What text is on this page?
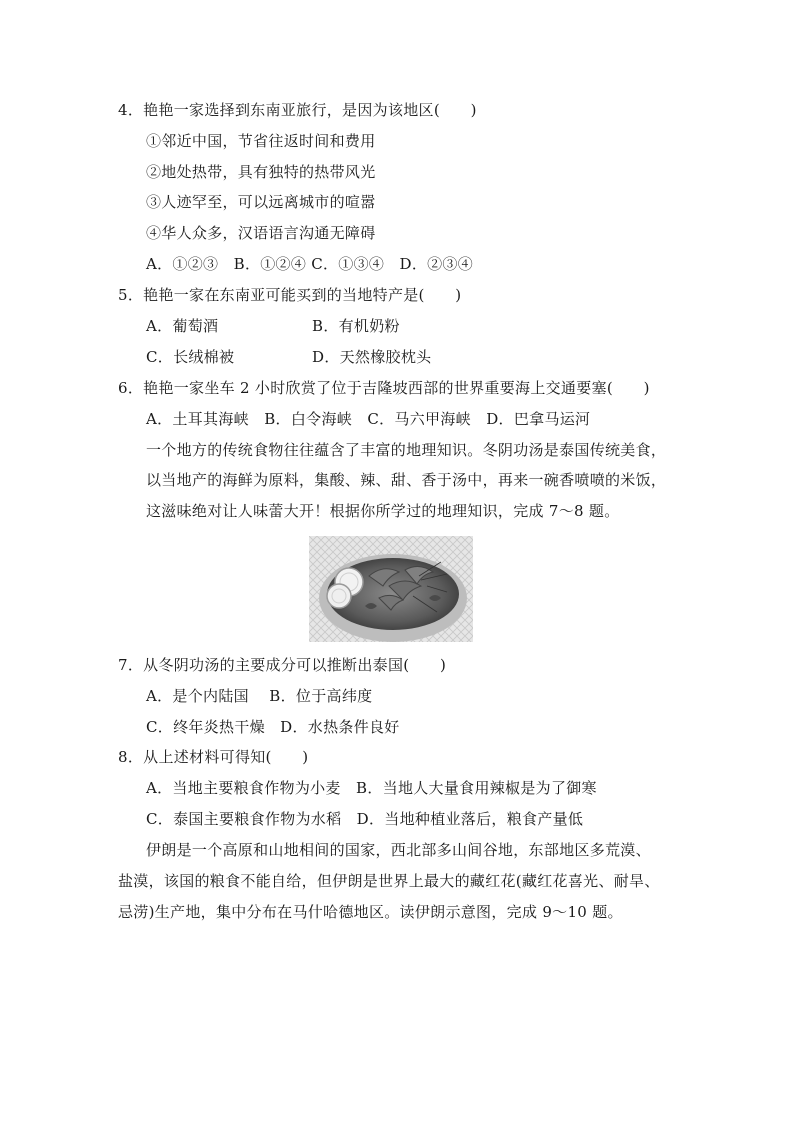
4．艳艳一家选择到东南亚旅行，是因为该地区(　　)
①邻近中国，节省往返时间和费用
②地处热带，具有独特的热带风光
③人迹罕至，可以远离城市的喧嚣
④华人众多，汉语语言沟通无障碍
A．①②③　B．①②④ C．①③④　D．②③④
5．艳艳一家在东南亚可能买到的当地特产是(　　)
A．葡萄酒	B．有机奶粉
C．长绒棉被	D．天然橡胶枕头
6．艳艳一家坐车 2 小时欣赏了位于吉隆坡西部的世界重要海上交通要塞(　　)
A．土耳其海峡　B．白令海峡　C．马六甲海峡　D．巴拿马运河
一个地方的传统食物往往蕴含了丰富的地理知识。冬阴功汤是泰国传统美食，
以当地产的海鲜为原料，集酸、辣、甜、香于汤中，再来一碗香喷喷的米饭，
这滋味绝对让人味蕾大开！根据你所学过的地理知识，完成 7～8 题。
7．从冬阴功汤的主要成分可以推断出泰国(　　)
A．是个内陆国　 B．位于高纬度
C．终年炎热干燥　D．水热条件良好
8．从上述材料可得知(　　)
A．当地主要粮食作物为小麦　B．当地人大量食用辣椒是为了御寒
C．泰国主要粮食作物为水稻　D．当地种植业落后，粮食产量低
伊朗是一个高原和山地相间的国家，西北部多山间谷地，东部地区多荒漠、
盐漠，该国的粮食不能自给，但伊朗是世界上最大的藏红花(藏红花喜光、耐旱、
忌涝)生产地，集中分布在马什哈德地区。读伊朗示意图，完成 9～10 题。
